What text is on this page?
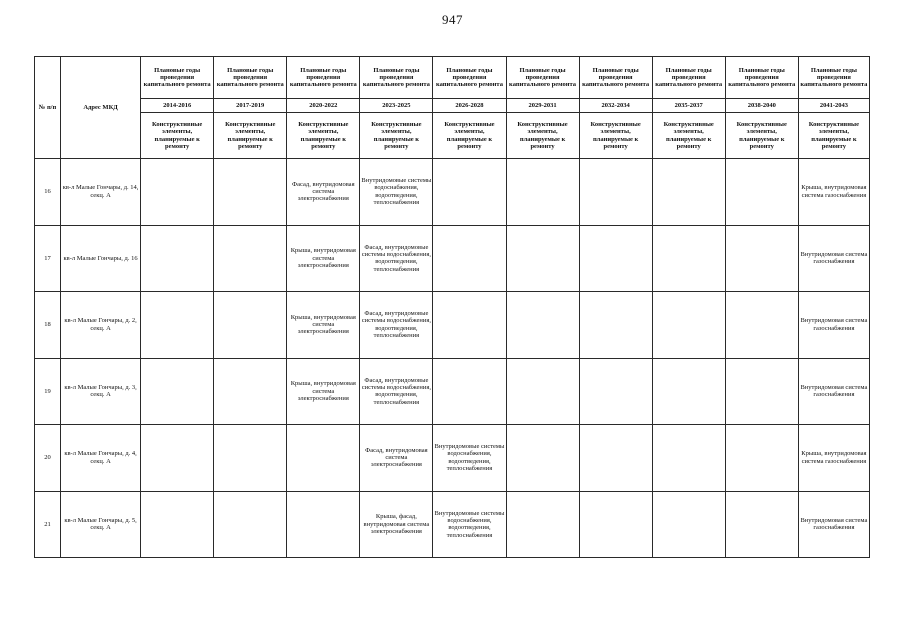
947
№ п/п	Адрес МКД	Плановые годы проведения капитального ремонта	Плановые годы проведения капитального ремонта	Плановые годы проведения капитального ремонта	Плановые годы проведения капитального ремонта	Плановые годы проведения капитального ремонта	Плановые годы проведения капитального ремонта	Плановые годы проведения капитального ремонта	Плановые годы проведения капитального ремонта	Плановые годы проведения капитального ремонта	Плановые годы проведения капитального ремонта
		2014-2016	2017-2019	2020-2022	2023-2025	2026-2028	2029-2031	2032-2034	2035-2037	2038-2040	2041-2043
		Конструктивные элементы, планируемые к ремонту	Конструктивные элементы, планируемые к ремонту	Конструктивные элементы, планируемые к ремонту	Конструктивные элементы, планируемые к ремонту	Конструктивные элементы, планируемые к ремонту	Конструктивные элементы, планируемые к ремонту	Конструктивные элементы, планируемые к ремонту	Конструктивные элементы, планируемые к ремонту	Конструктивные элементы, планируемые к ремонту	Конструктивные элементы, планируемые к ремонту
16	кв-л Малые Гончары, д. 14, секц. А			Фасад, внутридомовая система электроснабжения	Внутридомовые системы водоснабжения, водоотведения, теплоснабжения						Крыша, внутридомовая система газоснабжения
17	кв-л Малые Гончары, д. 16			Крыша, внутридомовая система электроснабжения	Фасад, внутридомовые системы водоснабжения, водоотведения, теплоснабжения						Внутридомовая система газоснабжения
18	кв-л Малые Гончары, д. 2, секц. А			Крыша, внутридомовая система электроснабжения	Фасад, внутридомовые системы водоснабжения, водоотведения, теплоснабжения						Внутридомовая система газоснабжения
19	кв-л Малые Гончары, д. 3, секц. А			Крыша, внутридомовая система электроснабжения	Фасад, внутридомовые системы водоснабжения, водоотведения, теплоснабжения						Внутридомовая система газоснабжения
20	кв-л Малые Гончары, д. 4, секц. А				Фасад, внутридомовая система электроснабжения	Внутридомовые системы водоснабжения, водоотведения, теплоснабжения					Крыша, внутридомовая система газоснабжения
21	кв-л Малые Гончары, д. 5, секц. А				Крыша, фасад, внутридомовая система электроснабжения	Внутридомовые системы водоснабжения, водоотведения, теплоснабжения					Внутридомовая система газоснабжения
